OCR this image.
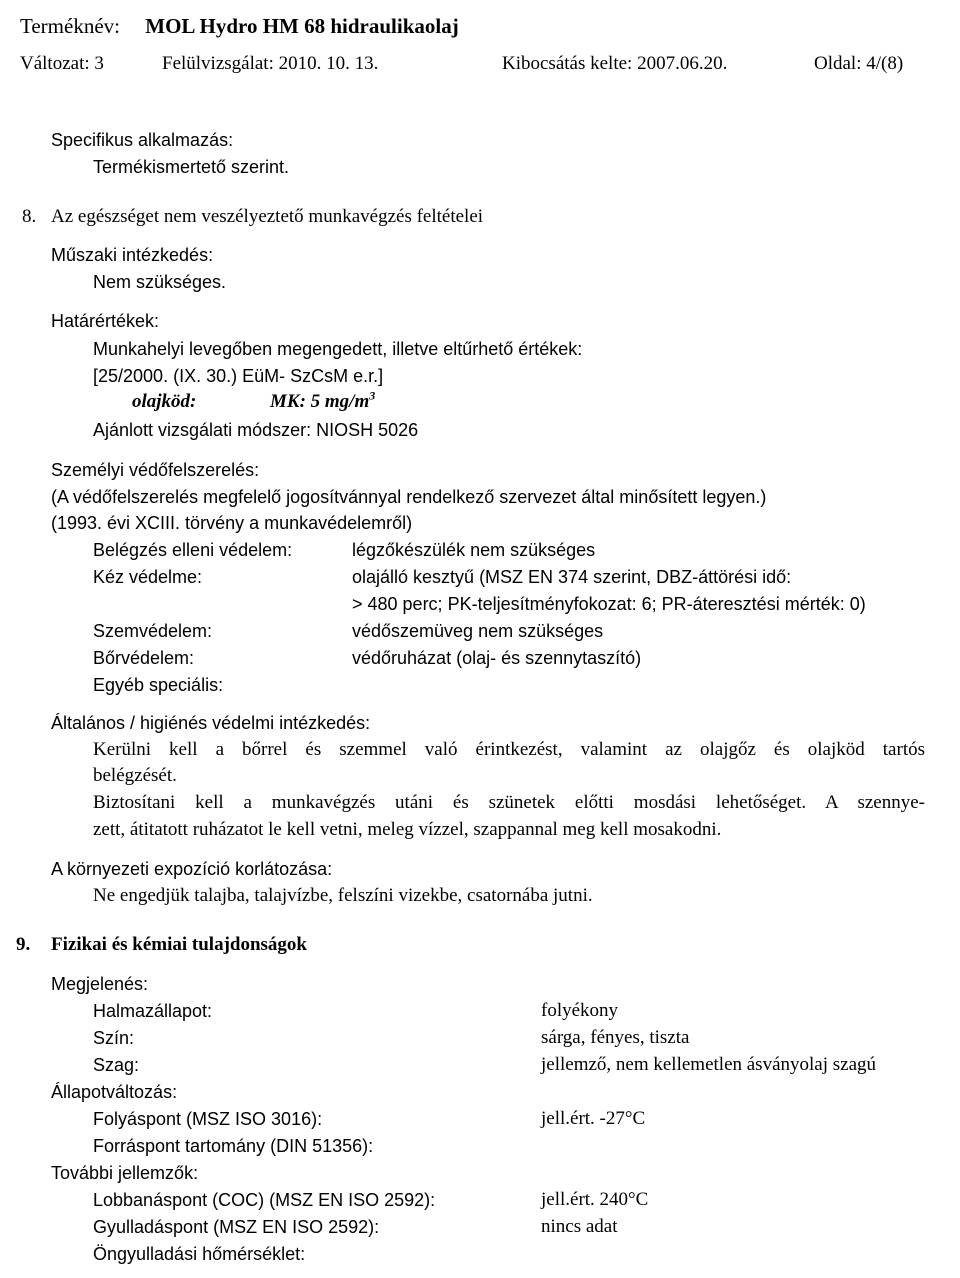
Terméknév: MOL Hydro HM 68 hidraulikaolaj
Változat: 3	Felülvizsgálat: 2010. 10. 13.	Kibocsátás kelte: 2007.06.20.	Oldal: 4/(8)
Specifikus alkalmazás:
Termékismertető szerint.
8. Az egészséget nem veszélyeztető munkavégzés feltételei
Műszaki intézkedés:
Nem szükséges.
Határértékek:
Munkahelyi levegőben megengedett, illetve eltűrhető értékek:
[25/2000. (IX. 30.) EüM- SzCsM e.r.]
olajköd:	MK: 5 $mg/m^3$
Ajánlott vizsgálati módszer: NIOSH 5026
Személyi védőfelszerelés:
(A védőfelszerelés megfelelő jogosítvánnyal rendelkező szervezet által minősített legyen.)
(1993. évi XCIII. törvény a munkavédelemről)
Belégzés elleni védelem:	légzőkészülék nem szükséges
Kéz védelme:	olajálló kesztyű (MSZ EN 374 szerint, DBZ-áttörési idő:
> 480 perc; PK-teljesítményfokozat: 6; PR-áteresztési mérték: 0)
Szemvédelem:	védőszemüveg nem szükséges
Bőrvédelem:	védőruházat (olaj- és szennytaszító)
Egyéb speciális:
Általános / higiénés védelmi intézkedés:
Kerülni kell a bőrrel és szemmel való érintkezést, valamint az olajgőz és olajköd tartós
belégzését.
Biztosítani kell a munkavégzés utáni és szünetek előtti mosdási lehetőséget. A szennye-
zett, átitatott ruházatot le kell vetni, meleg vízzel, szappannal meg kell mosakodni.
A környezeti expozíció korlátozása:
Ne engedjük talajba, talajvízbe, felszíni vizekbe, csatornába jutni.
9. Fizikai és kémiai tulajdonságok
Megjelenés:
Halmazállapot:	folyékony
Szín:	sárga, fényes, tiszta
Szag:	jellemző, nem kellemetlen ásványolaj szagú
Állapotváltozás:
Folyáspont (MSZ ISO 3016):	jell.ért. -27°C
Forráspont tartomány (DIN 51356):
További jellemzők:
Lobbanáspont (COC) (MSZ EN ISO 2592):	jell.ért. 240°C
Gyulladáspont (MSZ EN ISO 2592):	nincs adat
Öngyulladási hőmérséklet:
